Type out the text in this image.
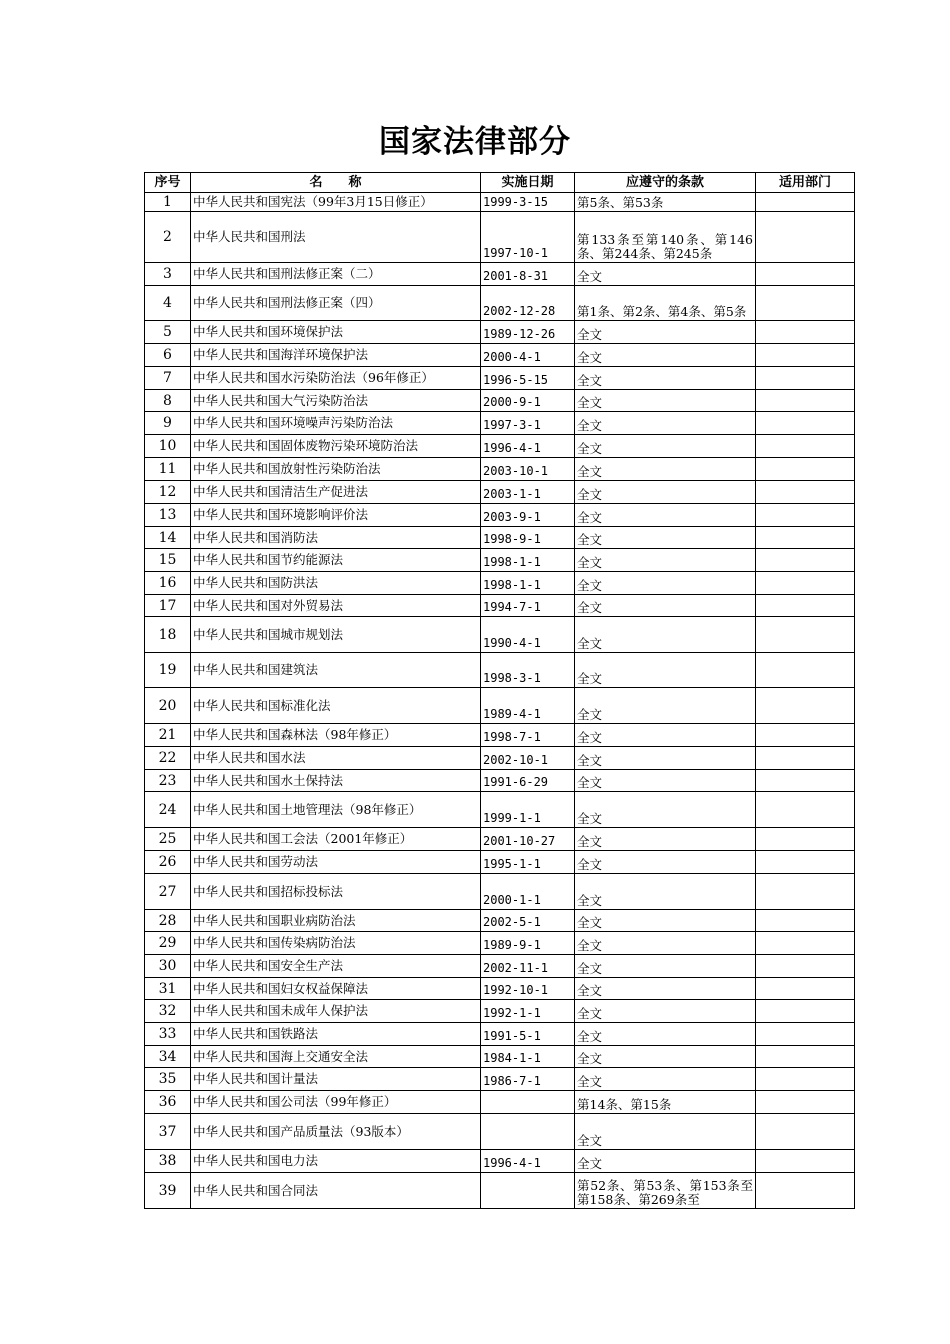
国家法律部分
序号	名　　称	实施日期	应遵守的条款	适用部门
1	中华人民共和国宪法（99年3月15日修正）	1999-3-15	第5条、第53条	
2	中华人民共和国刑法	1997-10-1	第133条至第140条、第146条、第244条、第245条	
3	中华人民共和国刑法修正案（二）	2001-8-31	全文	
4	中华人民共和国刑法修正案（四）	2002-12-28	第1条、第2条、第4条、第5条	
5	中华人民共和国环境保护法	1989-12-26	全文	
6	中华人民共和国海洋环境保护法	2000-4-1	全文	
7	中华人民共和国水污染防治法（96年修正）	1996-5-15	全文	
8	中华人民共和国大气污染防治法	2000-9-1	全文	
9	中华人民共和国环境噪声污染防治法	1997-3-1	全文	
10	中华人民共和国固体废物污染环境防治法	1996-4-1	全文	
11	中华人民共和国放射性污染防治法	2003-10-1	全文	
12	中华人民共和国清洁生产促进法	2003-1-1	全文	
13	中华人民共和国环境影响评价法	2003-9-1	全文	
14	中华人民共和国消防法	1998-9-1	全文	
15	中华人民共和国节约能源法	1998-1-1	全文	
16	中华人民共和国防洪法	1998-1-1	全文	
17	中华人民共和国对外贸易法	1994-7-1	全文	
18	中华人民共和国城市规划法	1990-4-1	全文	
19	中华人民共和国建筑法	1998-3-1	全文	
20	中华人民共和国标准化法	1989-4-1	全文	
21	中华人民共和国森林法（98年修正）	1998-7-1	全文	
22	中华人民共和国水法	2002-10-1	全文	
23	中华人民共和国水土保持法	1991-6-29	全文	
24	中华人民共和国土地管理法（98年修正）	1999-1-1	全文	
25	中华人民共和国工会法（2001年修正）	2001-10-27	全文	
26	中华人民共和国劳动法	1995-1-1	全文	
27	中华人民共和国招标投标法	2000-1-1	全文	
28	中华人民共和国职业病防治法	2002-5-1	全文	
29	中华人民共和国传染病防治法	1989-9-1	全文	
30	中华人民共和国安全生产法	2002-11-1	全文	
31	中华人民共和国妇女权益保障法	1992-10-1	全文	
32	中华人民共和国未成年人保护法	1992-1-1	全文	
33	中华人民共和国铁路法	1991-5-1	全文	
34	中华人民共和国海上交通安全法	1984-1-1	全文	
35	中华人民共和国计量法	1986-7-1	全文	
36	中华人民共和国公司法（99年修正）		第14条、第15条	
37	中华人民共和国产品质量法（93版本）		全文	
38	中华人民共和国电力法	1996-4-1	全文	
39	中华人民共和国合同法		第52条、第53条、第153条至第158条、第269条至	
